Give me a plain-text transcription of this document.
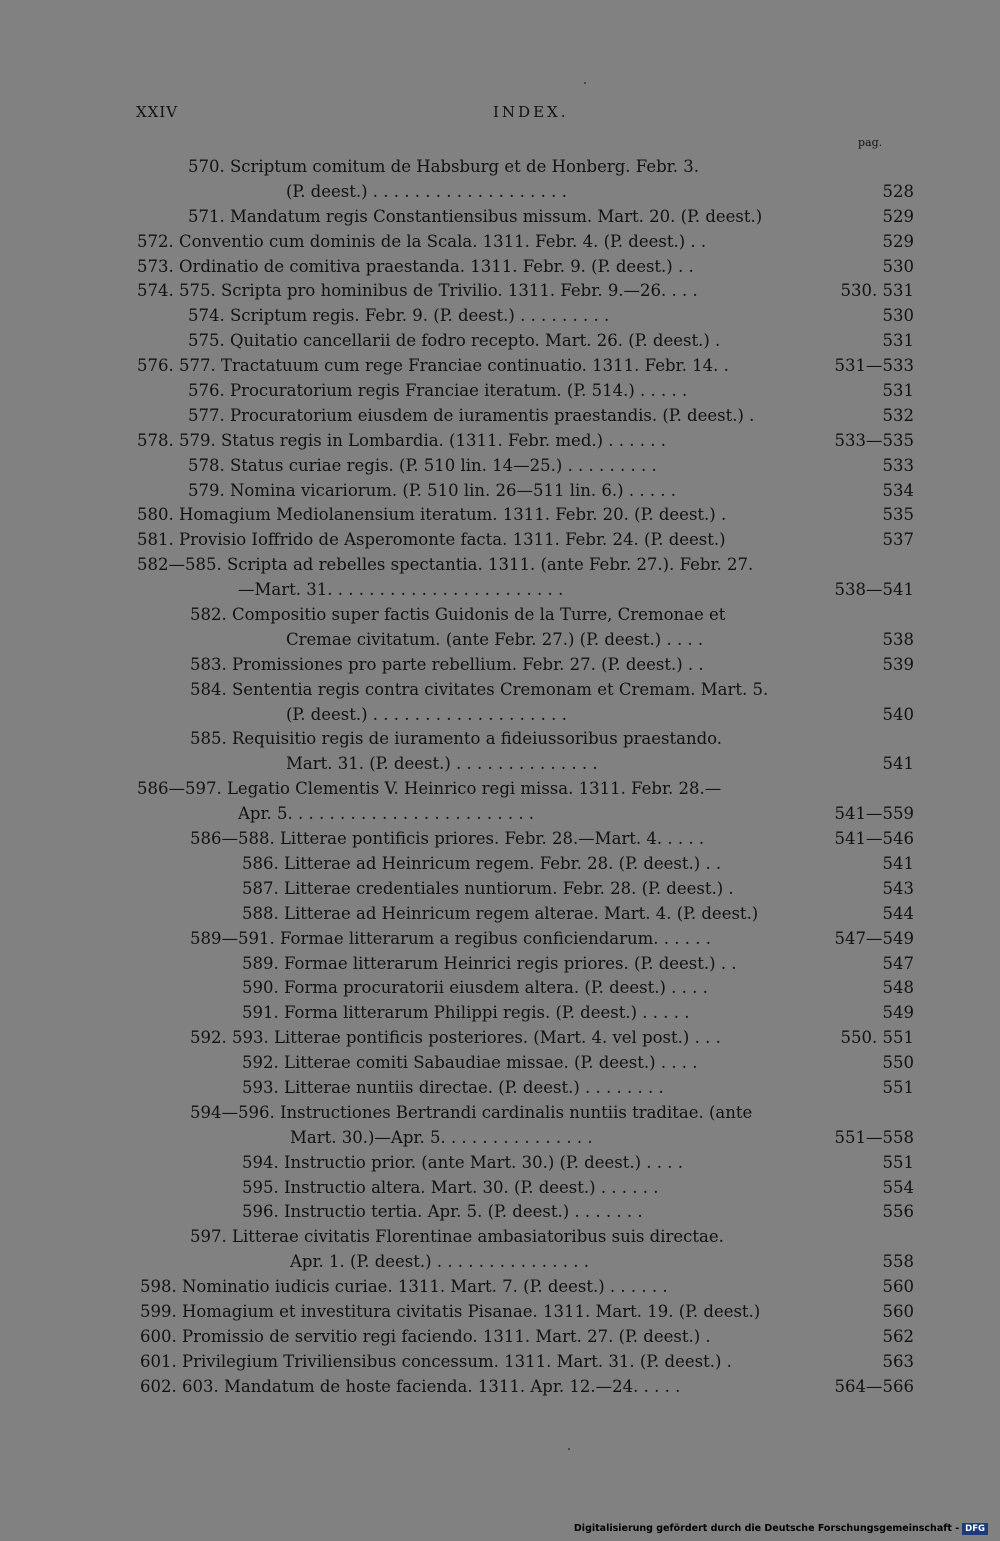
XXIV	INDEX.
pag.
570. Scriptum comitum de Habsburg et de Honberg. Febr. 3.
(P. deest.) . . . . . . . . . . . . . . . . . . .	528
571. Mandatum regis Constantiensibus missum. Mart. 20. (P. deest.)	529
572. Conventio cum dominis de la Scala. 1311. Febr. 4. (P. deest.) . .	529
573. Ordinatio de comitiva praestanda. 1311. Febr. 9. (P. deest.) . .	530
574. 575. Scripta pro hominibus de Trivilio. 1311. Febr. 9.—26. . . .	530. 531
574. Scriptum regis. Febr. 9. (P. deest.) . . . . . . . . .	530
575. Quitatio cancellarii de fodro recepto. Mart. 26. (P. deest.) .	531
576. 577. Tractatuum cum rege Franciae continuatio. 1311. Febr. 14. .	531—533
576. Procuratorium regis Franciae iteratum. (P. 514.) . . . . .	531
577. Procuratorium eiusdem de iuramentis praestandis. (P. deest.) .	532
578. 579. Status regis in Lombardia. (1311. Febr. med.) . . . . . .	533—535
578. Status curiae regis. (P. 510 lin. 14—25.) . . . . . . . . .	533
579. Nomina vicariorum. (P. 510 lin. 26—511 lin. 6.) . . . . .	534
580. Homagium Mediolanensium iteratum. 1311. Febr. 20. (P. deest.) .	535
581. Provisio Ioffrido de Asperomonte facta. 1311. Febr. 24. (P. deest.)	537
582—585. Scripta ad rebelles spectantia. 1311. (ante Febr. 27.). Febr. 27.
—Mart. 31. . . . . . . . . . . . . . . . . . . . . . .	538—541
582. Compositio super factis Guidonis de la Turre, Cremonae et
Cremae civitatum. (ante Febr. 27.) (P. deest.) . . . .	538
583. Promissiones pro parte rebellium. Febr. 27. (P. deest.) . .	539
584. Sententia regis contra civitates Cremonam et Cremam. Mart. 5.
(P. deest.) . . . . . . . . . . . . . . . . . . .	540
585. Requisitio regis de iuramento a fideiussoribus praestando.
Mart. 31. (P. deest.) . . . . . . . . . . . . . .	541
586—597. Legatio Clementis V. Heinrico regi missa. 1311. Febr. 28.—
Apr. 5. . . . . . . . . . . . . . . . . . . . . . . .	541—559
586—588. Litterae pontificis priores. Febr. 28.—Mart. 4. . . . .	541—546
586. Litterae ad Heinricum regem. Febr. 28. (P. deest.) . .	541
587. Litterae credentiales nuntiorum. Febr. 28. (P. deest.) .	543
588. Litterae ad Heinricum regem alterae. Mart. 4. (P. deest.)	544
589—591. Formae litterarum a regibus conficiendarum. . . . . .	547—549
589. Formae litterarum Heinrici regis priores. (P. deest.) . .	547
590. Forma procuratorii eiusdem altera. (P. deest.) . . . .	548
591. Forma litterarum Philippi regis. (P. deest.) . . . . .	549
592. 593. Litterae pontificis posteriores. (Mart. 4. vel post.) . . .	550. 551
592. Litterae comiti Sabaudiae missae. (P. deest.) . . . .	550
593. Litterae nuntiis directae. (P. deest.) . . . . . . . .	551
594—596. Instructiones Bertrandi cardinalis nuntiis traditae. (ante
Mart. 30.)—Apr. 5. . . . . . . . . . . . . . .	551—558
594. Instructio prior. (ante Mart. 30.) (P. deest.) . . . .	551
595. Instructio altera. Mart. 30. (P. deest.) . . . . . .	554
596. Instructio tertia. Apr. 5. (P. deest.) . . . . . . .	556
597. Litterae civitatis Florentinae ambasiatoribus suis directae.
Apr. 1. (P. deest.) . . . . . . . . . . . . . . .	558
598. Nominatio iudicis curiae. 1311. Mart. 7. (P. deest.) . . . . . .	560
599. Homagium et investitura civitatis Pisanae. 1311. Mart. 19. (P. deest.)	560
600. Promissio de servitio regi faciendo. 1311. Mart. 27. (P. deest.) .	562
601. Privilegium Triviliensibus concessum. 1311. Mart. 31. (P. deest.) .	563
602. 603. Mandatum de hoste facienda. 1311. Apr. 12.—24. . . . .	564—566
Digitalisierung gefördert durch die Deutsche Forschungsgemeinschaft - DFG
